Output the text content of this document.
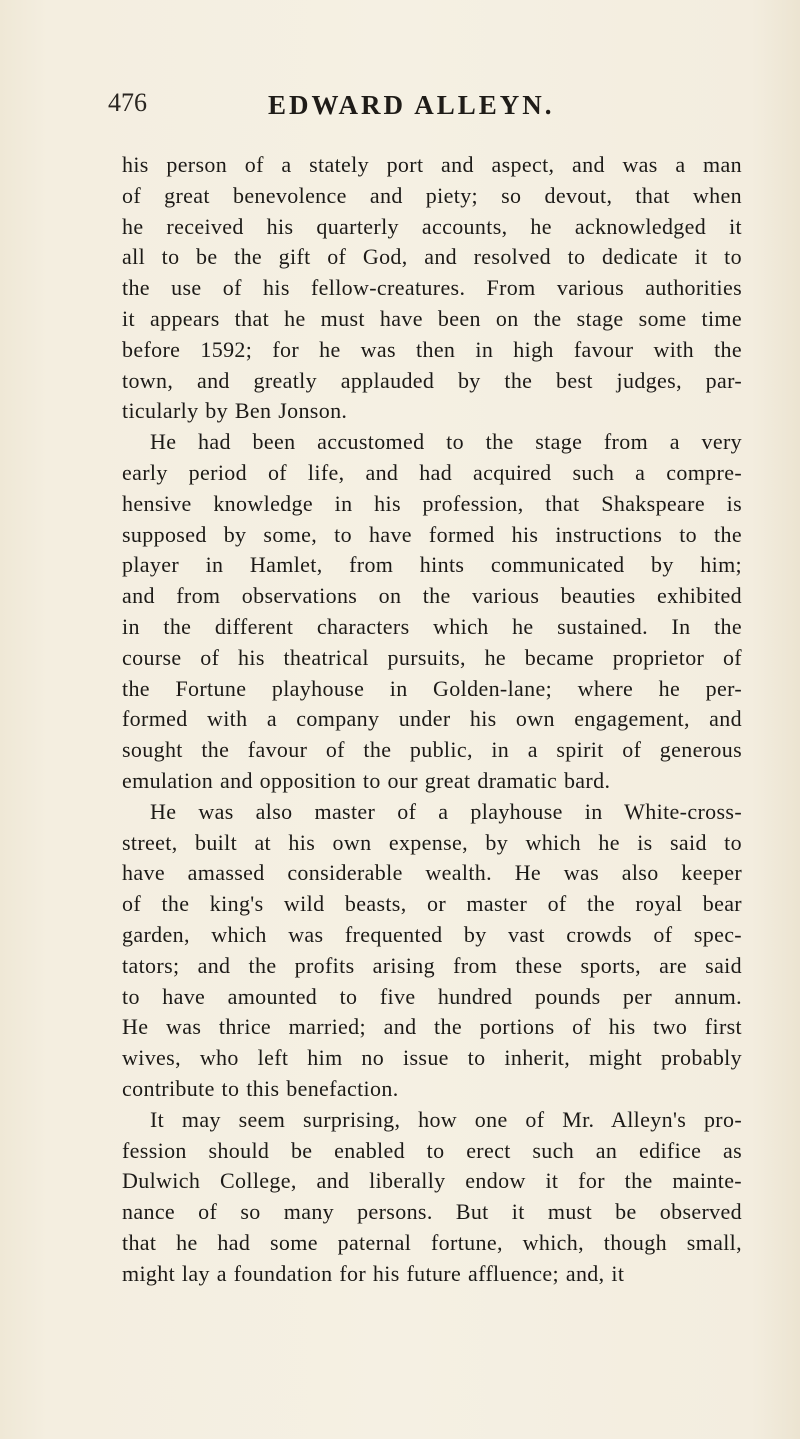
476	EDWARD ALLEYN.
his person of a stately port and aspect, and was a man
of great benevolence and piety; so devout, that when
he received his quarterly accounts, he acknowledged it
all to be the gift of God, and resolved to dedicate it to
the use of his fellow-creatures. From various authorities
it appears that he must have been on the stage some time
before 1592; for he was then in high favour with the
town, and greatly applauded by the best judges, par-
ticularly by Ben Jonson.
He had been accustomed to the stage from a very
early period of life, and had acquired such a compre-
hensive knowledge in his profession, that Shakspeare is
supposed by some, to have formed his instructions to the
player in Hamlet, from hints communicated by him;
and from observations on the various beauties exhibited
in the different characters which he sustained. In the
course of his theatrical pursuits, he became proprietor of
the Fortune playhouse in Golden-lane; where he per-
formed with a company under his own engagement, and
sought the favour of the public, in a spirit of generous
emulation and opposition to our great dramatic bard.
He was also master of a playhouse in White-cross-
street, built at his own expense, by which he is said to
have amassed considerable wealth. He was also keeper
of the king's wild beasts, or master of the royal bear
garden, which was frequented by vast crowds of spec-
tators; and the profits arising from these sports, are said
to have amounted to five hundred pounds per annum.
He was thrice married; and the portions of his two first
wives, who left him no issue to inherit, might probably
contribute to this benefaction.
It may seem surprising, how one of Mr. Alleyn's pro-
fession should be enabled to erect such an edifice as
Dulwich College, and liberally endow it for the mainte-
nance of so many persons. But it must be observed
that he had some paternal fortune, which, though small,
might lay a foundation for his future affluence; and, it
